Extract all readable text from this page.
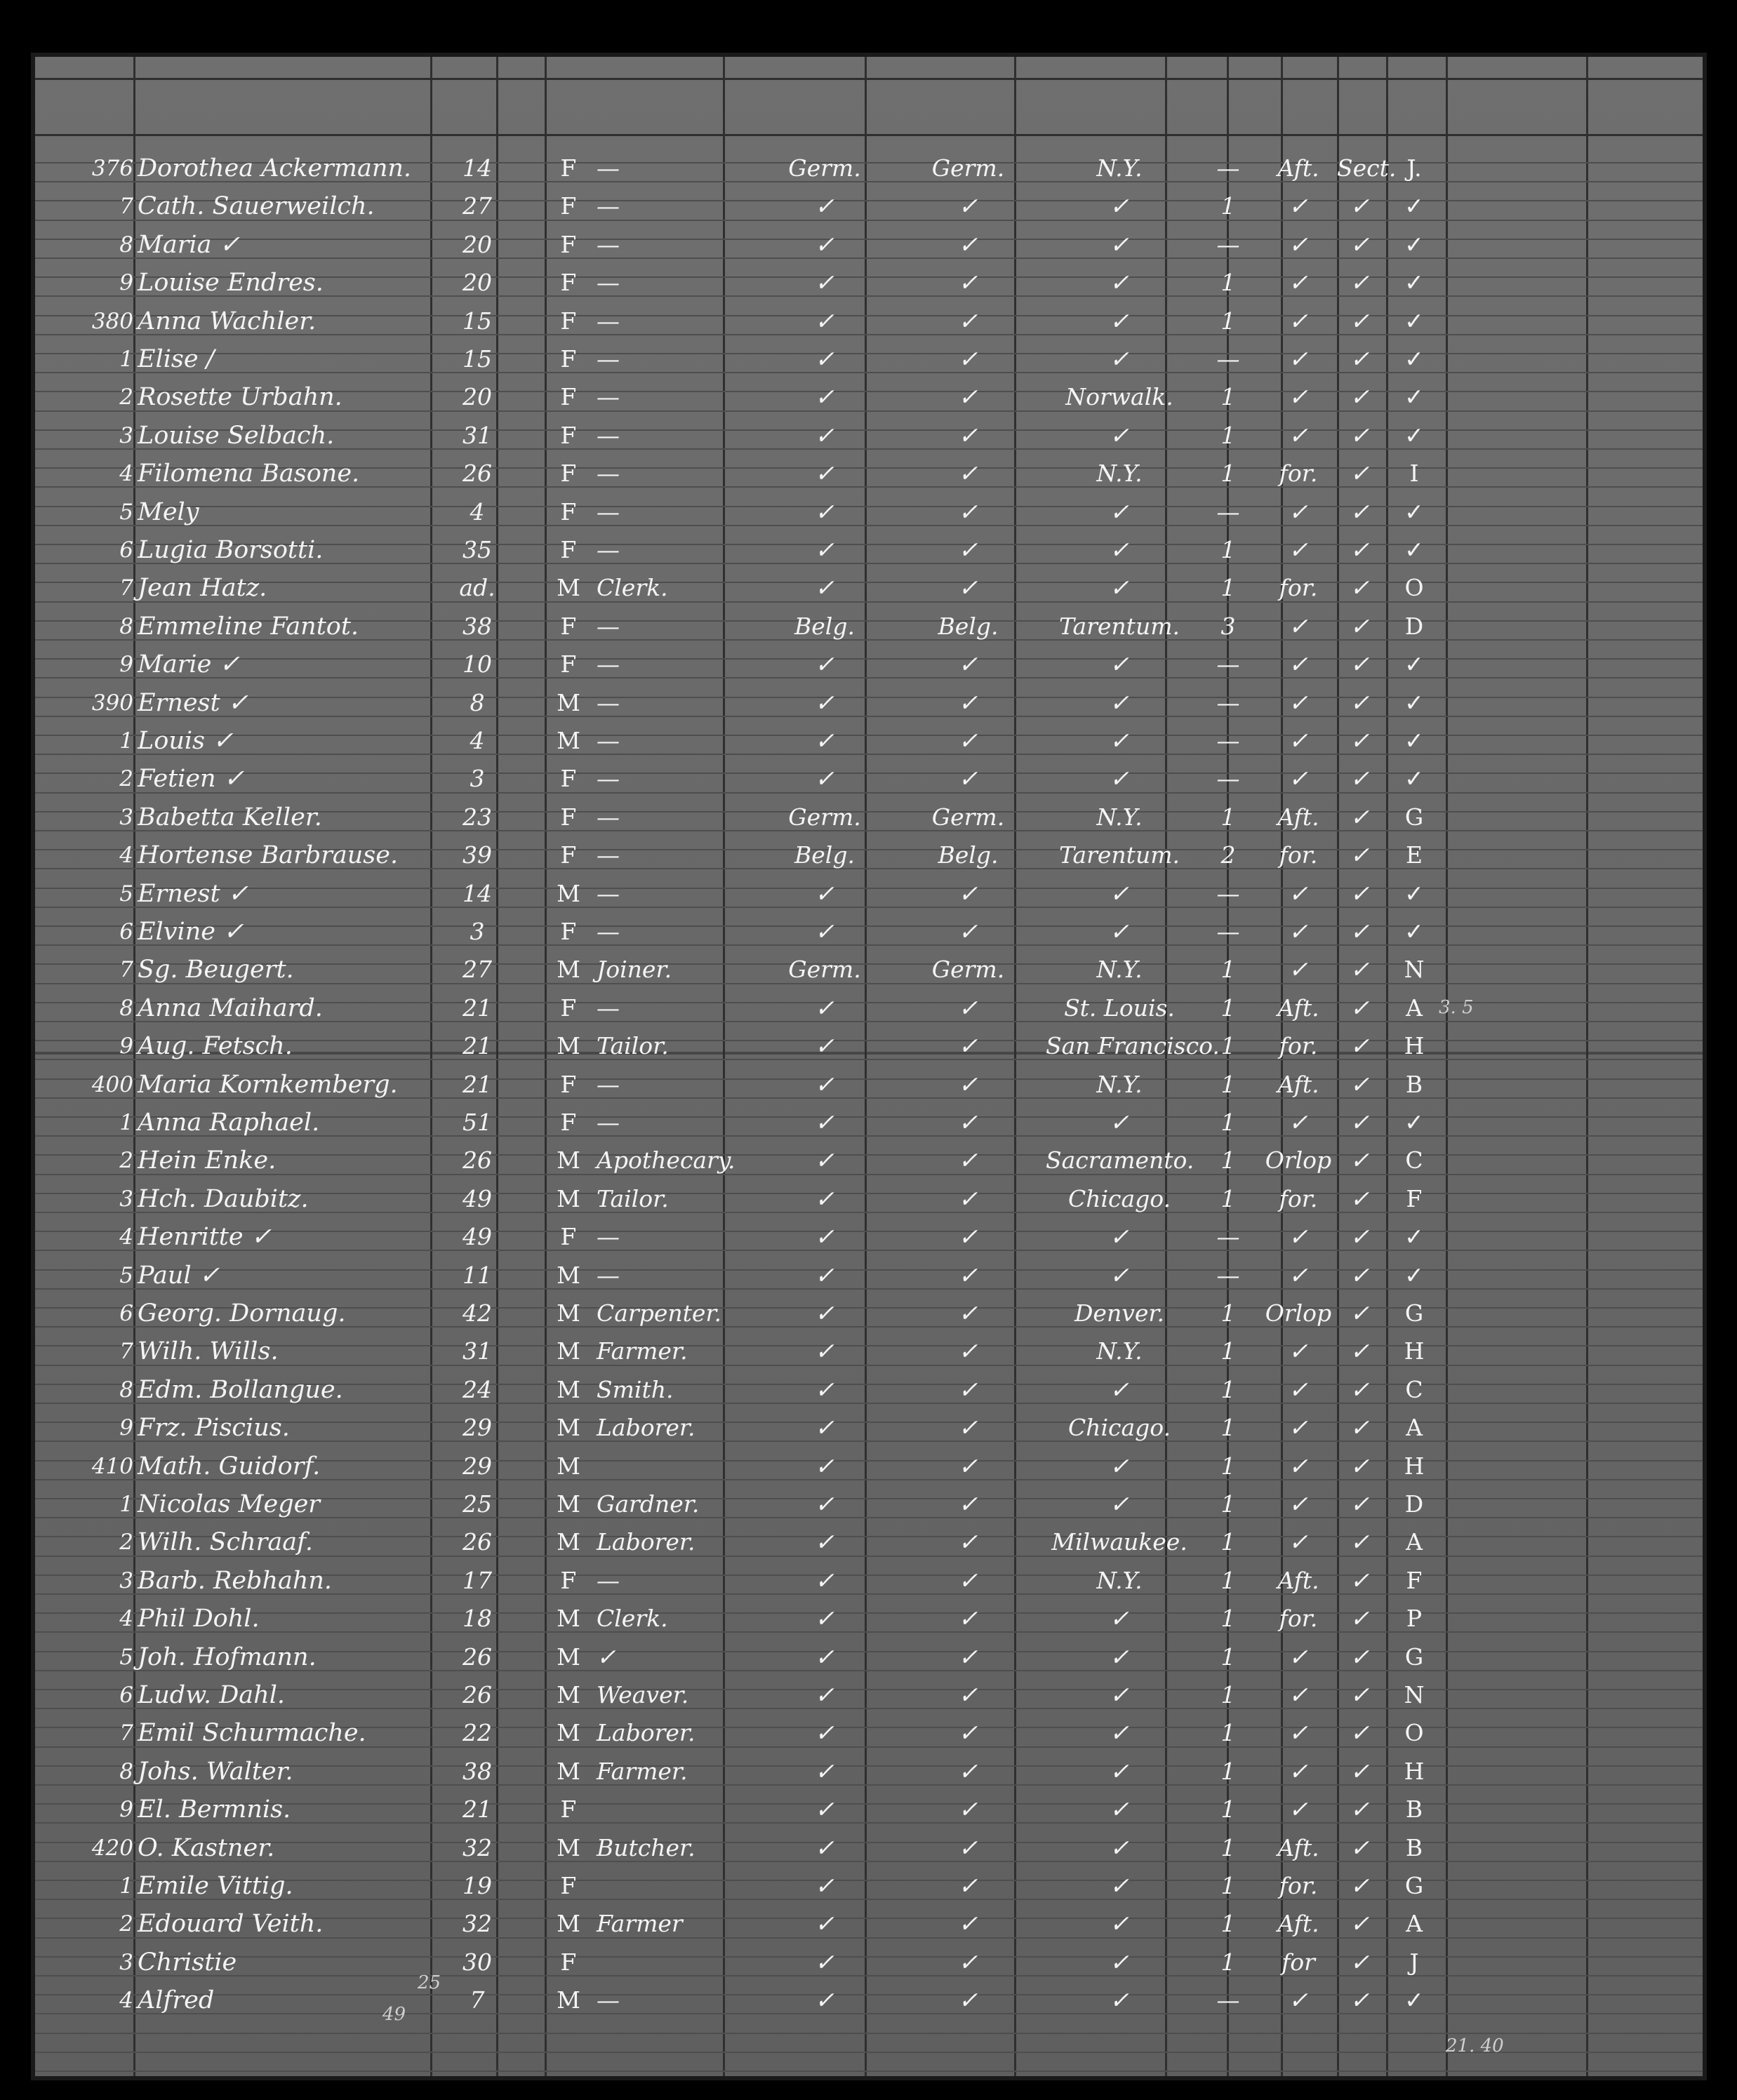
376 Dorothea Ackermann.	14	F —	Germ.	Germ.	N.Y.	—	Aft. Sect. J.
7 Cath. Sauerweilch.	27	F —	✓	✓	✓	1	✓	✓	✓
8 Maria ✓	20	F —	✓	✓	✓	—	✓	✓	✓
9 Louise Endres.	20	F —	✓	✓	✓	1	✓	✓	✓
380 Anna Wachler.	15	F —	✓	✓	✓	1	✓	✓	✓
1 Elise /	15	F —	✓	✓	✓	—	✓	✓	✓
2 Rosette Urbahn.	20	F —	✓	✓	Norwalk.	1	✓	✓	✓
3 Louise Selbach.	31	F —	✓	✓	✓	1	✓	✓	✓
4 Filomena Basone.	26	F —	✓	✓	N.Y.	1	for.	✓	I
5 Mely	4	F —	✓	✓	✓	—	✓	✓	✓
6 Lugia Borsotti.	35	F —	✓	✓	✓	1	✓	✓	✓
7 Jean Hatz.	ad.	M Clerk.	✓	✓	✓	1	for.	✓	O
8 Emmeline Fantot.	38	F —	Belg.	Belg.	Tarentum.	3	✓	✓	D
9 Marie ✓	10	F —	✓	✓	✓	—	✓	✓	✓
390 Ernest ✓	8	M —	✓	✓	✓	—	✓	✓	✓
1 Louis ✓	4	M —	✓	✓	✓	—	✓	✓	✓
2 Fetien ✓	3	F —	✓	✓	✓	—	✓	✓	✓
3 Babetta Keller.	23	F —	Germ.	Germ.	N.Y.	1	Aft.	✓	G
4 Hortense Barbrause.	39	F —	Belg.	Belg.	Tarentum.	2	for.	✓	E
5 Ernest ✓	14	M —	✓	✓	✓	—	✓	✓	✓
6 Elvine ✓	3	F —	✓	✓	✓	—	✓	✓	✓
7 Sg. Beugert.	27	M Joiner.	Germ.	Germ.	N.Y.	1	✓	✓	N
8 Anna Maihard.	21	F —	✓	✓	St. Louis.	1	Aft.	✓	A
9 Aug. Fetsch.	21	M Tailor.	✓	✓	San Francisco. 1	for.	✓	H
400 Maria Kornkemberg.	21	F —	✓	✓	N.Y.	1	Aft.	✓	B
1 Anna Raphael.	51	F —	✓	✓	✓	1	✓	✓	✓
2 Hein Enke.	26	M Apothecary.	✓	✓	Sacramento.	1	Orlop ✓	C
3 Hch. Daubitz.	49	M Tailor.	✓	✓	Chicago.	1	for.	✓	F
4 Henritte ✓	49	F —	✓	✓	✓	—	✓	✓	✓
5 Paul ✓	11	M —	✓	✓	✓	—	✓	✓	✓
6 Georg. Dornaug.	42	M Carpenter.	✓	✓	Denver.	1	Orlop ✓	G
7 Wilh. Wills.	31	M Farmer.	✓	✓	N.Y.	1	✓	✓	H
8 Edm. Bollangue.	24	M Smith.	✓	✓	✓	1	✓	✓	C
9 Frz. Piscius.	29	M Laborer.	✓	✓	Chicago.	1	✓	✓	A
410 Math. Guidorf.	29	M	✓	✓	✓	1	✓	✓	H
1 Nicolas Meger	25	M Gardner.	✓	✓	✓	1	✓	✓	D
2 Wilh. Schraaf.	26	M Laborer.	✓	✓	Milwaukee.	1	✓	✓	A
3 Barb. Rebhahn.	17	F —	✓	✓	N.Y.	1	Aft.	✓	F
4 Phil Dohl.	18	M Clerk.	✓	✓	✓	1	for.	✓	P
5 Joh. Hofmann.	26	M ✓	✓	✓	✓	1	✓	✓	G
6 Ludw. Dahl.	26	M Weaver.	✓	✓	✓	1	✓	✓	N
7 Emil Schurmache.	22	M Laborer.	✓	✓	✓	1	✓	✓	O
8 Johs. Walter.	38	M Farmer.	✓	✓	✓	1	✓	✓	H
9 El. Bermnis.	21	F	✓	✓	✓	1	✓	✓	B
420 O. Kastner.	32	M Butcher.	✓	✓	✓	1	Aft.	✓	B
1 Emile Vittig.	19	F	✓	✓	✓	1	for.	✓	G
2 Edouard Veith.	32	M Farmer	✓	✓	✓	1	Aft.	✓	A
3 Christie	30	F	✓	✓	✓	1	for	✓	J
4 Alfred	7	M —	✓	✓	✓	—	✓	✓	✓
3. 5
25
49
21. 40
